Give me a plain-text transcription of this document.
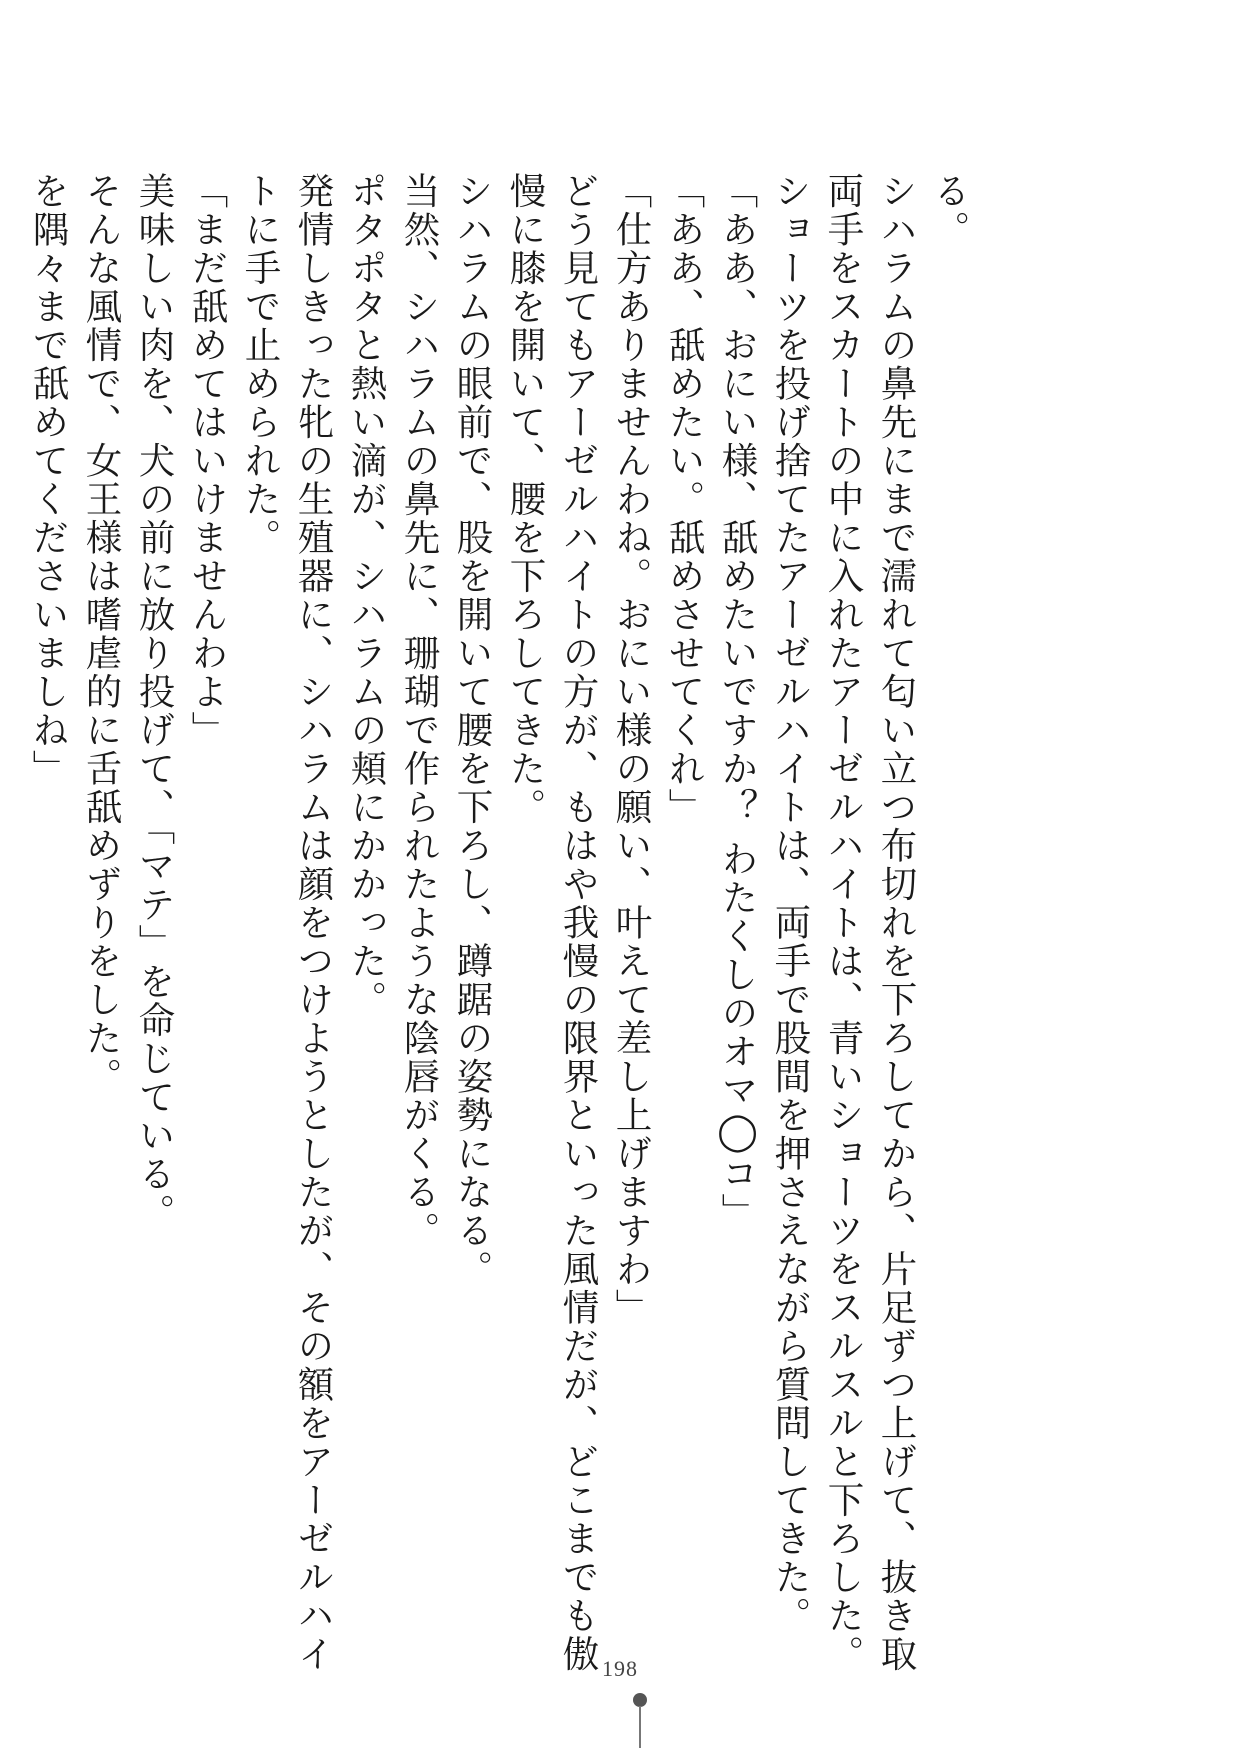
る。

シハラムの鼻先にまで濡れて匂い立つ布切れを下ろしてから、片足ずつ上げて、抜き取

両手をスカートの中に入れたアーゼルハイトは、青いショーツをスルスルと下ろした。

ショーツを投げ捨てたアーゼルハイトは、両手で股間を押さえながら質問してきた。

「ああ、おにい様、舐めたいですか？ わたくしのオマ◯コ」

「ああ、舐めたい。舐めさせてくれ」

「仕方ありませんわね。おにい様の願い、叶えて差し上げますわ」

どう見てもアーゼルハイトの方が、もはや我慢の限界といった風情だが、どこまでも傲

慢に膝を開いて、腰を下ろしてきた。

シハラムの眼前で、股を開いて腰を下ろし、蹲踞の姿勢になる。

当然、シハラムの鼻先に、珊瑚で作られたような陰唇がくる。

ポタポタと熱い滴が、シハラムの頬にかかった。

発情しきった牝の生殖器に、シハラムは顔をつけようとしたが、その額をアーゼルハイ

トに手で止められた。

「まだ舐めてはいけませんわよ」

美味しい肉を、犬の前に放り投げて、「マテ」を命じている。

そんな風情で、女王様は嗜虐的に舌舐めずりをした。

を隅々まで舐めてくださいましね」

198
